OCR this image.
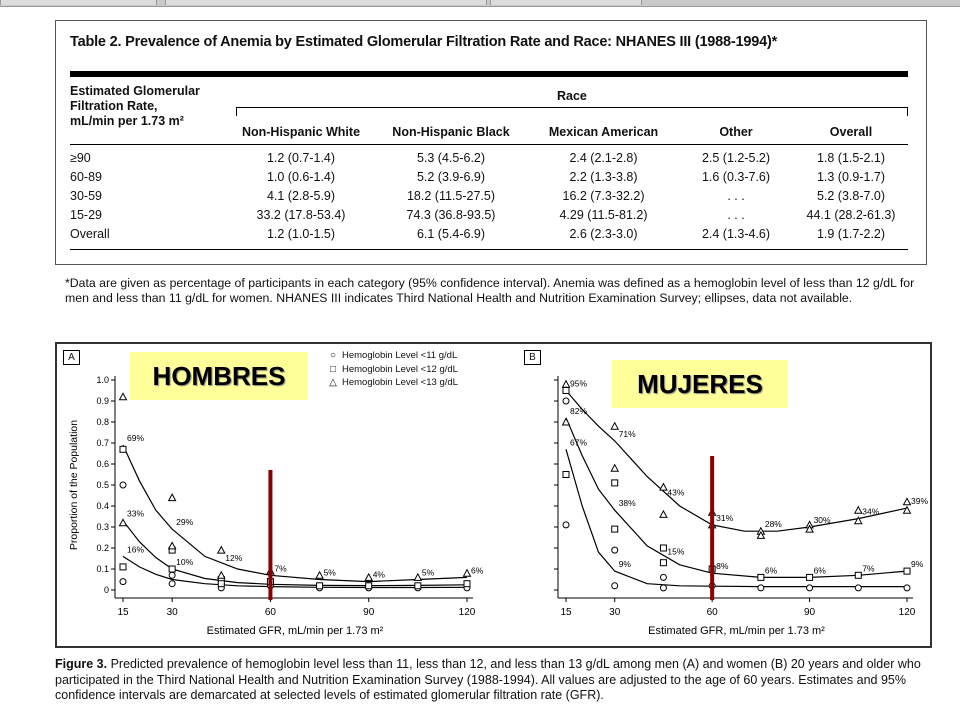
Table 2. Prevalence of Anemia by Estimated Glomerular Filtration Rate and Race: NHANES III (1988-1994)*
Estimated Glomerular
Filtration Rate,
mL/min per 1.73 m²
Race
Non-Hispanic White	Non-Hispanic Black	Mexican American	Other	Overall
≥90	1.2 (0.7-1.4)	5.3 (4.5-6.2)	2.4 (2.1-2.8)	2.5 (1.2-5.2)	1.8 (1.5-2.1)
60-89	1.0 (0.6-1.4)	5.2 (3.9-6.9)	2.2 (1.3-3.8)	1.6 (0.3-7.6)	1.3 (0.9-1.7)
30-59	4.1 (2.8-5.9)	18.2 (11.5-27.5)	16.2 (7.3-32.2)	. . .	5.2 (3.8-7.0)
15-29	33.2 (17.8-53.4)	74.3 (36.8-93.5)	4.29 (11.5-81.2)	. . .	44.1 (28.2-61.3)
Overall	1.2 (1.0-1.5)	6.1 (5.4-6.9)	2.6 (2.3-3.0)	2.4 (1.3-4.6)	1.9 (1.7-2.2)
*Data are given as percentage of participants in each category (95% confidence interval). Anemia was defined as a hemoglobin level of less than 12 g/dL for men and less than 11 g/dL for women. NHANES III indicates Third National Health and Nutrition Examination Survey; ellipses, data not available.
A	B
0
0.1
0.2
0.3
0.4
0.5
0.6
0.7
0.8
0.9
1.0
15	30	60	90	120
Estimated GFR, mL/min per 1.73 m²
Proportion of the Population	69%
33%
16%
29%
10%	12%
7%	5%	4%	5%	6%
15	30	60	90	120
Estimated GFR, mL/min per 1.73 m²
95%
82%
67%
71%
38%
9%
43%
15%
31%
8%
28%
6%
30%
6%
34%
7%
39%
9%
HOMBRES	MUJERES
○ Hemoglobin Level <11 g/dL
□ Hemoglobin Level <12 g/dL
△ Hemoglobin Level <13 g/dL
Figure 3. Predicted prevalence of hemoglobin level less than 11, less than 12, and less than 13 g/dL among men (A) and women (B) 20 years and older who participated in the Third National Health and Nutrition Examination Survey (1988-1994). All values are adjusted to the age of 60 years. Estimates and 95% confidence intervals are demarcated at selected levels of estimated glomerular filtration rate (GFR).
